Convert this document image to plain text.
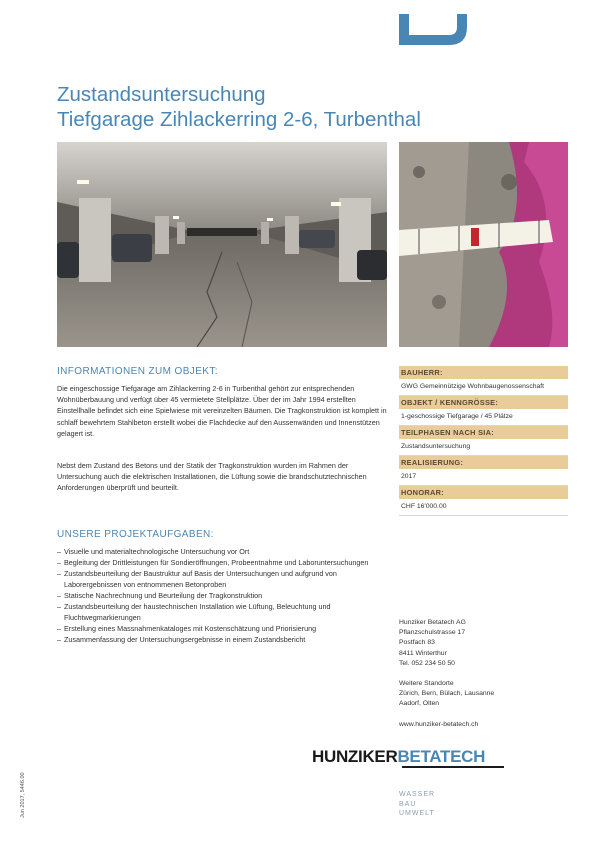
Zustandsuntersuchung
Tiefgarage Zihlackerring 2-6, Turbenthal
INFORMATIONEN ZUM OBJEKT:

Die eingeschossige Tiefgarage am Zihlackerring 2-6 in Turbenthal gehört zur entsprechenden Wohnüberbauung und verfügt über 45 vermietete Stellplätze. Über der im Jahr 1994 erstellten Einstellhalle befindet sich eine Spielwiese mit vereinzelten Bäumen. Die Tragkonstruktion ist komplett in schlaff bewehrtem Stahlbeton erstellt wobei die Flachdecke auf den Aussenwänden und Innenstützen gelagert ist.

Nebst dem Zustand des Betons und der Statik der Tragkonstruktion wurden im Rahmen der Untersuchung auch die elektrischen Installationen, die Lüftung sowie die brandschutztechnischen Anforderungen überprüft und beurteilt.

UNSERE PROJEKTAUFGABEN:
– Visuelle und materialtechnologische Untersuchung vor Ort
– Begleitung der Drittleistungen für Sondieröffnungen, Probeentnahme und Laboruntersuchungen
– Zustandsbeurteilung der Baustruktur auf Basis der Untersuchungen und aufgrund von Laborergebnissen von entnommenen Betonproben
– Statische Nachrechnung und Beurteilung der Tragkonstruktion
– Zustandsbeurteilung der haustechnischen Installation wie Lüftung, Beleuchtung und Fluchtwegmarkierungen
– Erstellung eines Massnahmenkataloges mit Kostenschätzung und Priorisierung
– Zusammenfassung der Untersuchungsergebnisse in einem Zustandsbericht
BAUHERR:
GWG Gemeinnützige Wohnbaugenossenschaft
OBJEKT / KENNGRÖSSE:
1-geschossige Tiefgarage / 45 Plätze
TEILPHASEN NACH SIA:
Zustandsuntersuchung
REALISIERUNG:
2017
HONORAR:
CHF 16'000.00
Hunziker Betatech AG
Pflanzschulstrasse 17
Postfach 83
8411 Winterthur
Tel. 052 234 50 50
Weitere Standorte
Zürich, Bern, Bülach, Lausanne
Aadorf, Olten
www.hunziker-betatech.ch
HUNZIKERBETATECH
WASSER
BAU
UMWELT
Jun 2017, 5446.00
